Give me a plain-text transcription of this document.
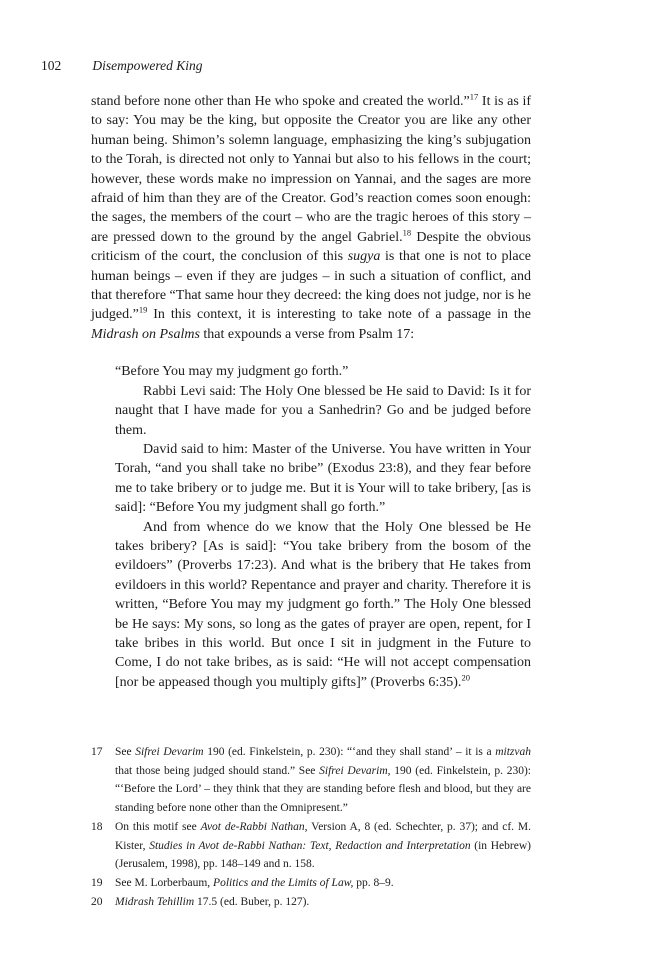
102 Disempowered King

stand before none other than He who spoke and created the world.”$^{17}$ It is as if to say: You may be the king, but opposite the Creator you are like any other human being. Shimon’s solemn language, emphasizing the king’s subjugation to the Torah, is directed not only to Yannai but also to his fellows in the court; however, these words make no impression on Yannai, and the sages are more afraid of him than they are of the Creator. God’s reaction comes soon enough: the sages, the members of the court – who are the tragic heroes of this story – are pressed down to the ground by the angel Gabriel.$^{18}$ Despite the obvious criticism of the court, the conclusion of this sugya is that one is not to place human beings – even if they are judges – in such a situation of conflict, and that therefore “That same hour they decreed: the king does not judge, nor is he judged.”$^{19}$ In this context, it is interesting to take note of a passage in the Midrash on Psalms that expounds a verse from Psalm 17:

“Before You may my judgment go forth.”

Rabbi Levi said: The Holy One blessed be He said to David: Is it for naught that I have made for you a Sanhedrin? Go and be judged before them.

David said to him: Master of the Universe. You have written in Your Torah, “and you shall take no bribe” (Exodus 23:8), and they fear before me to take bribery or to judge me. But it is Your will to take bribery, [as is said]: “Before You my judgment shall go forth.”

And from whence do we know that the Holy One blessed be He takes bribery? [As is said]: “You take bribery from the bosom of the evildoers” (Proverbs 17:23). And what is the bribery that He takes from evildoers in this world? Repentance and prayer and charity. Therefore it is written, “Before You may my judgment go forth.” The Holy One blessed be He says: My sons, so long as the gates of prayer are open, repent, for I take bribes in this world. But once I sit in judgment in the Future to Come, I do not take bribes, as is said: “He will not accept compensation [nor be appeased though you multiply gifts]” (Proverbs 6:35).$^{20}$

17 See Sifrei Devarim 190 (ed. Finkelstein, p. 230): “‘and they shall stand’ – it is a mitzvah that those being judged should stand.” See Sifrei Devarim, 190 (ed. Finkelstein, p. 230): “‘Before the Lord’ – they think that they are standing before flesh and blood, but they are standing before none other than the Omnipresent.”
18 On this motif see Avot de-Rabbi Nathan, Version A, 8 (ed. Schechter, p. 37); and cf. M. Kister, Studies in Avot de-Rabbi Nathan: Text, Redaction and Interpretation (in Hebrew) (Jerusalem, 1998), pp. 148–149 and n. 158.
19 See M. Lorberbaum, Politics and the Limits of Law, pp. 8–9.
20 Midrash Tehillim 17.5 (ed. Buber, p. 127).
